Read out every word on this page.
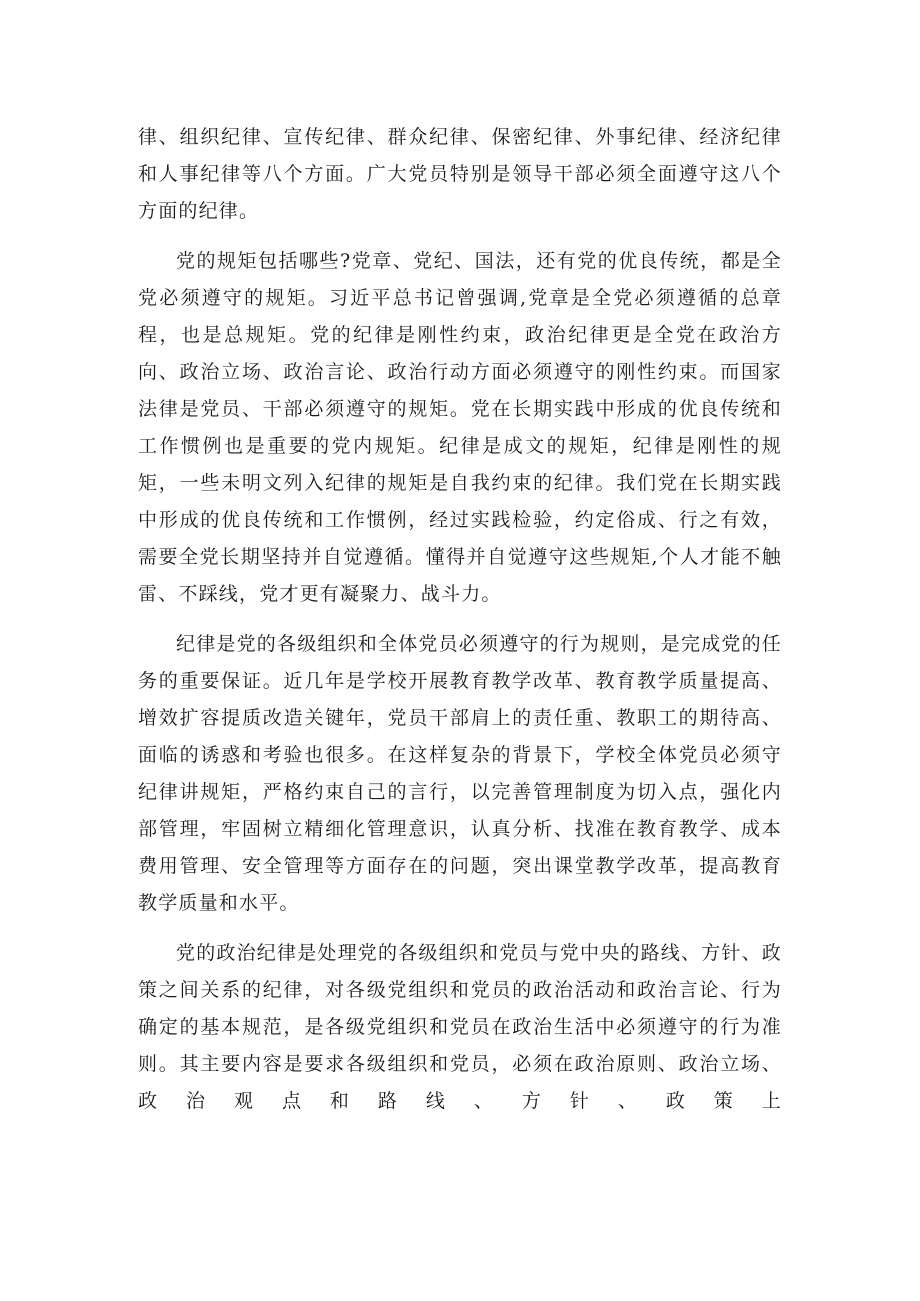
律、组织纪律、宣传纪律、群众纪律、保密纪律、外事纪律、经济纪律和人事纪律等八个方面。广大党员特别是领导干部必须全面遵守这八个方面的纪律。

党的规矩包括哪些?党章、党纪、国法，还有党的优良传统，都是全党必须遵守的规矩。习近平总书记曾强调,党章是全党必须遵循的总章程，也是总规矩。党的纪律是刚性约束，政治纪律更是全党在政治方向、政治立场、政治言论、政治行动方面必须遵守的刚性约束。而国家法律是党员、干部必须遵守的规矩。党在长期实践中形成的优良传统和工作惯例也是重要的党内规矩。纪律是成文的规矩，纪律是刚性的规矩，一些未明文列入纪律的规矩是自我约束的纪律。我们党在长期实践中形成的优良传统和工作惯例，经过实践检验，约定俗成、行之有效，需要全党长期坚持并自觉遵循。懂得并自觉遵守这些规矩,个人才能不触雷、不踩线，党才更有凝聚力、战斗力。

纪律是党的各级组织和全体党员必须遵守的行为规则，是完成党的任务的重要保证。近几年是学校开展教育教学改革、教育教学质量提高、增效扩容提质改造关键年，党员干部肩上的责任重、教职工的期待高、面临的诱惑和考验也很多。在这样复杂的背景下，学校全体党员必须守纪律讲规矩，严格约束自己的言行，以完善管理制度为切入点，强化内部管理，牢固树立精细化管理意识，认真分析、找准在教育教学、成本费用管理、安全管理等方面存在的问题，突出课堂教学改革，提高教育教学质量和水平。

党的政治纪律是处理党的各级组织和党员与党中央的路线、方针、政策之间关系的纪律，对各级党组织和党员的政治活动和政治言论、行为确定的基本规范，是各级党组织和党员在政治生活中必须遵守的行为准则。其主要内容是要求各级组织和党员，必须在政治原则、政治立场、政治观点和路线、方针、政策上
